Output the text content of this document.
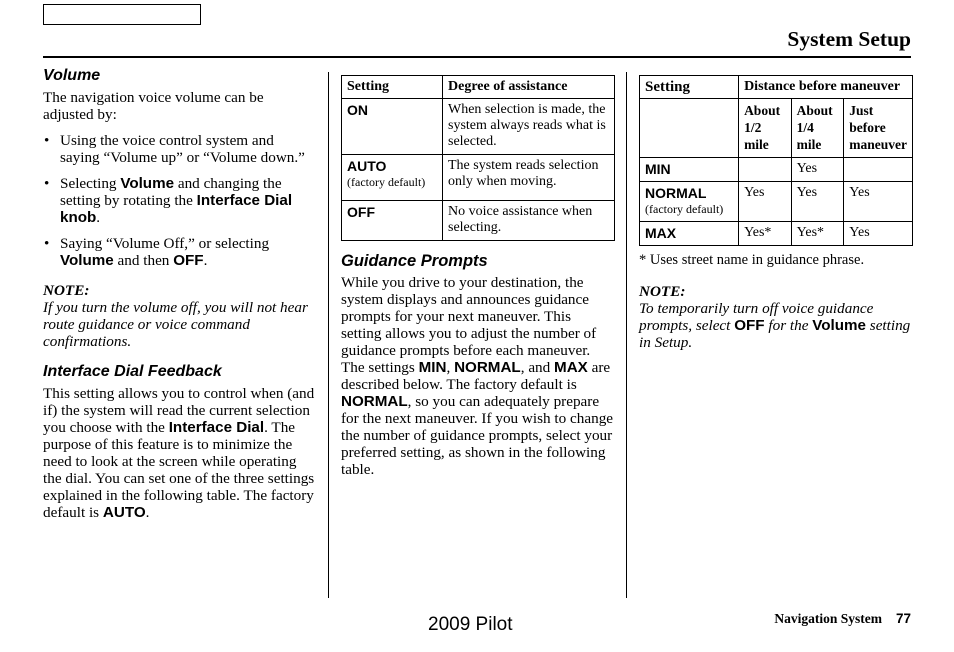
System Setup
Volume

The navigation voice volume can be adjusted by:

• Using the voice control system and saying “Volume up” or “Volume down.”
• Selecting Volume and changing the setting by rotating the Interface Dial knob.
• Saying “Volume Off,” or selecting Volume and then OFF.
NOTE:

If you turn the volume off, you will not hear route guidance or voice command confirmations.

Interface Dial Feedback

This setting allows you to control when (and if) the system will read the current selection you choose with the Interface Dial. The purpose of this feature is to minimize the need to look at the screen while operating the dial. You can set one of the three settings explained in the following table. The factory default is AUTO.

Setting	Degree of assistance

ON	When selection is made, the system always reads what is selected.

AUTO
(factory default)	The system reads selection only when moving.

OFF	No voice assistance when selecting.
Guidance Prompts

While you drive to your destination, the system displays and announces guidance prompts for your next maneuver. This setting allows you to adjust the number of guidance prompts before each maneuver. The settings MIN, NORMAL, and MAX are described below. The factory default is NORMAL, so you can adequately prepare for the next maneuver. If you wish to change the number of guidance prompts, select your preferred setting, as shown in the following table.

Setting	Distance before maneuver		
	About 1/2 mile	About 1/4 mile	Just before maneuver

MIN		Yes	

NORMAL
(factory default)	Yes	Yes	Yes

MAX	Yes*	Yes*	Yes
* Uses street name in guidance phrase.
NOTE:

To temporarily turn off voice guidance prompts, select OFF for the Volume setting in Setup.

2009 Pilot	Navigation System 77
